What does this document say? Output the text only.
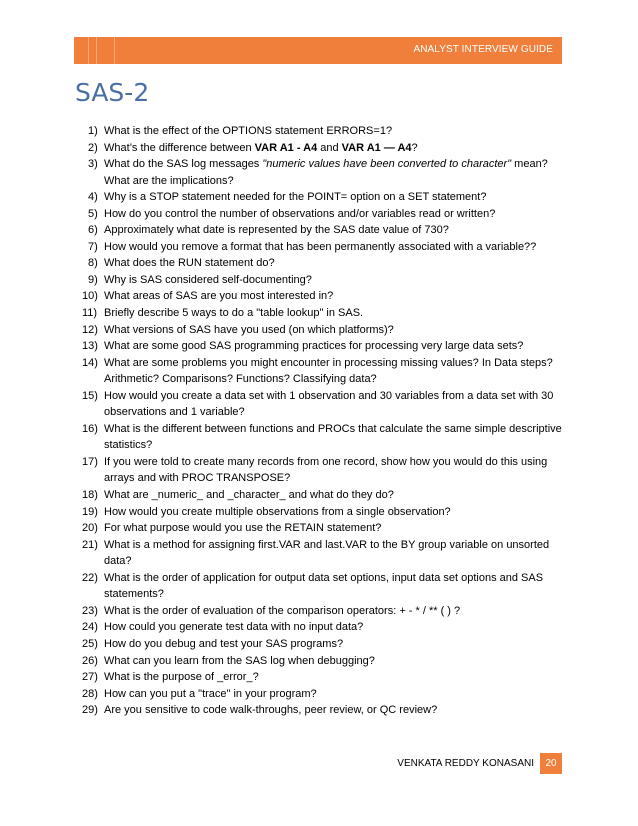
ANALYST INTERVIEW GUIDE
SAS-2
1) What is the effect of the OPTIONS statement ERRORS=1?
2) What’s the difference between VAR A1 - A4 and VAR A1 — A4?
3) What do the SAS log messages "numeric values have been converted to character" mean? What are the implications?
4) Why is a STOP statement needed for the POINT= option on a SET statement?
5) How do you control the number of observations and/or variables read or written?
6) Approximately what date is represented by the SAS date value of 730?
7) How would you remove a format that has been permanently associated with a variable??
8) What does the RUN statement do?
9) Why is SAS considered self-documenting?
10) What areas of SAS are you most interested in?
11) Briefly describe 5 ways to do a "table lookup" in SAS.
12) What versions of SAS have you used (on which platforms)?
13) What are some good SAS programming practices for processing very large data sets?
14) What are some problems you might encounter in processing missing values? In Data steps? Arithmetic? Comparisons? Functions? Classifying data?
15) How would you create a data set with 1 observation and 30 variables from a data set with 30 observations and 1 variable?
16) What is the different between functions and PROCs that calculate the same simple descriptive statistics?
17) If you were told to create many records from one record, show how you would do this using arrays and with PROC TRANSPOSE?
18) What are _numeric_ and _character_ and what do they do?
19) How would you create multiple observations from a single observation?
20) For what purpose would you use the RETAIN statement?
21) What is a method for assigning first.VAR and last.VAR to the BY group variable on unsorted data?
22) What is the order of application for output data set options, input data set options and SAS statements?
23) What is the order of evaluation of the comparison operators: + - * / ** ( ) ?
24) How could you generate test data with no input data?
25) How do you debug and test your SAS programs?
26) What can you learn from the SAS log when debugging?
27) What is the purpose of _error_?
28) How can you put a "trace" in your program?
29) Are you sensitive to code walk-throughs, peer review, or QC review?
VENKATA REDDY KONASANI	20
